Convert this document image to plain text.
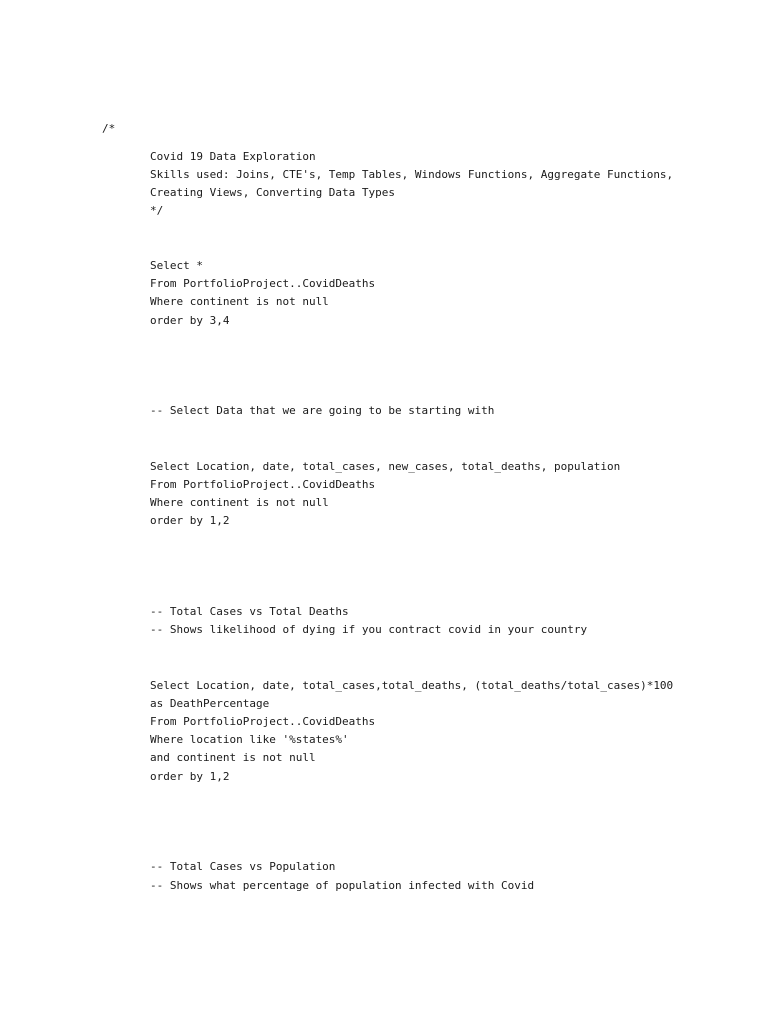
/*
Covid 19 Data Exploration
Skills used: Joins, CTE's, Temp Tables, Windows Functions, Aggregate Functions,
Creating Views, Converting Data Types
*/
Select *
From PortfolioProject..CovidDeaths
Where continent is not null
order by 3,4
-- Select Data that we are going to be starting with
Select Location, date, total_cases, new_cases, total_deaths, population
From PortfolioProject..CovidDeaths
Where continent is not null
order by 1,2
-- Total Cases vs Total Deaths
-- Shows likelihood of dying if you contract covid in your country
Select Location, date, total_cases,total_deaths, (total_deaths/total_cases)*100
as DeathPercentage
From PortfolioProject..CovidDeaths
Where location like '%states%'
and continent is not null
order by 1,2
-- Total Cases vs Population
-- Shows what percentage of population infected with Covid
